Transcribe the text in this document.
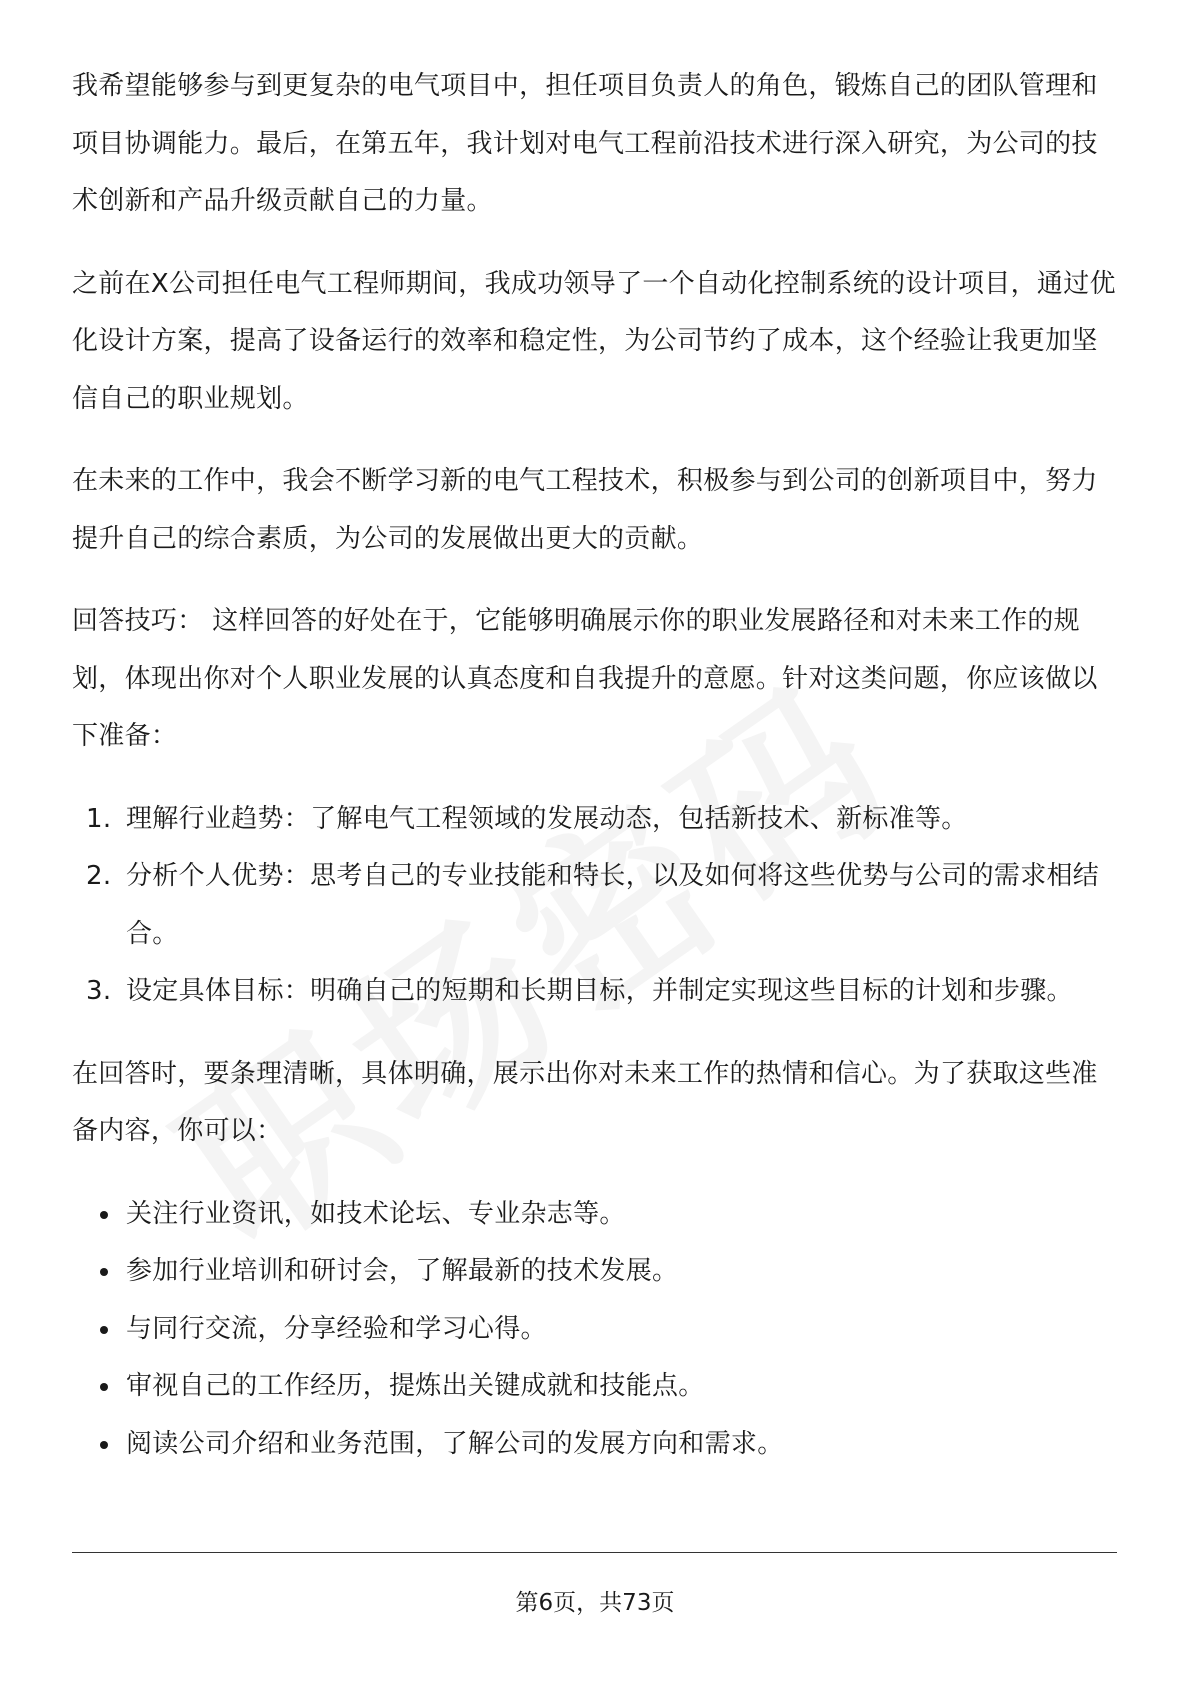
我希望能够参与到更复杂的电气项目中，担任项目负责人的角色，锻炼自己的团队管理和项目协调能力。最后，在第五年，我计划对电气工程前沿技术进行深入研究，为公司的技术创新和产品升级贡献自己的力量。

之前在X公司担任电气工程师期间，我成功领导了一个自动化控制系统的设计项目，通过优化设计方案，提高了设备运行的效率和稳定性，为公司节约了成本，这个经验让我更加坚信自己的职业规划。

在未来的工作中，我会不断学习新的电气工程技术，积极参与到公司的创新项目中，努力提升自己的综合素质，为公司的发展做出更大的贡献。

回答技巧： 这样回答的好处在于，它能够明确展示你的职业发展路径和对未来工作的规划，体现出你对个人职业发展的认真态度和自我提升的意愿。针对这类问题，你应该做以下准备：

1. 理解行业趋势：了解电气工程领域的发展动态，包括新技术、新标准等。
2. 分析个人优势：思考自己的专业技能和特长，以及如何将这些优势与公司的需求相结合。
3. 设定具体目标：明确自己的短期和长期目标，并制定实现这些目标的计划和步骤。

在回答时，要条理清晰，具体明确，展示出你对未来工作的热情和信心。为了获取这些准备内容，你可以：

关注行业资讯，如技术论坛、专业杂志等。
参加行业培训和研讨会，了解最新的技术发展。
与同行交流，分享经验和学习心得。
审视自己的工作经历，提炼出关键成就和技能点。
阅读公司介绍和业务范围，了解公司的发展方向和需求。
第6页，共73页
